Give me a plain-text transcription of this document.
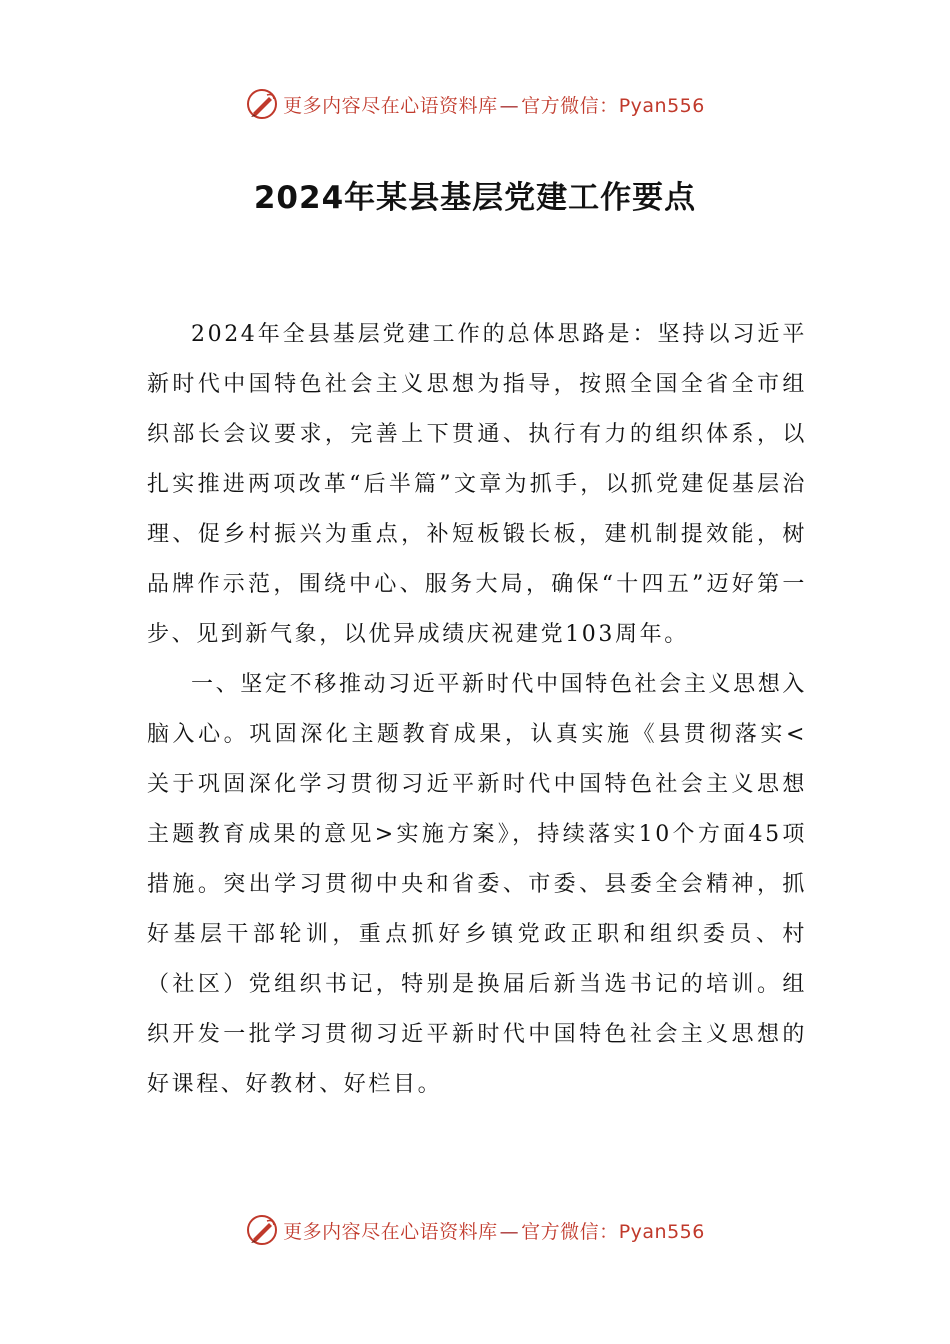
更多内容尽在心语资料库 — 官方微信：Pyan556
2024年某县基层党建工作要点

2024年全县基层党建工作的总体思路是：坚持以习近平新时代中国特色社会主义思想为指导，按照全国全省全市组织部长会议要求，完善上下贯通、执行有力的组织体系，以扎实推进两项改革“后半篇”文章为抓手，以抓党建促基层治理、促乡村振兴为重点，补短板锻长板，建机制提效能，树品牌作示范，围绕中心、服务大局，确保“十四五”迈好第一步、见到新气象，以优异成绩庆祝建党103周年。

一、坚定不移推动习近平新时代中国特色社会主义思想入脑入心。巩固深化主题教育成果，认真实施《县贯彻落实<关于巩固深化学习贯彻习近平新时代中国特色社会主义思想主题教育成果的意见>实施方案》，持续落实10个方面45项措施。突出学习贯彻中央和省委、市委、县委全会精神，抓好基层干部轮训，重点抓好乡镇党政正职和组织委员、村（社区）党组织书记，特别是换届后新当选书记的培训。组织开发一批学习贯彻习近平新时代中国特色社会主义思想的好课程、好教材、好栏目。

更多内容尽在心语资料库 — 官方微信：Pyan556
